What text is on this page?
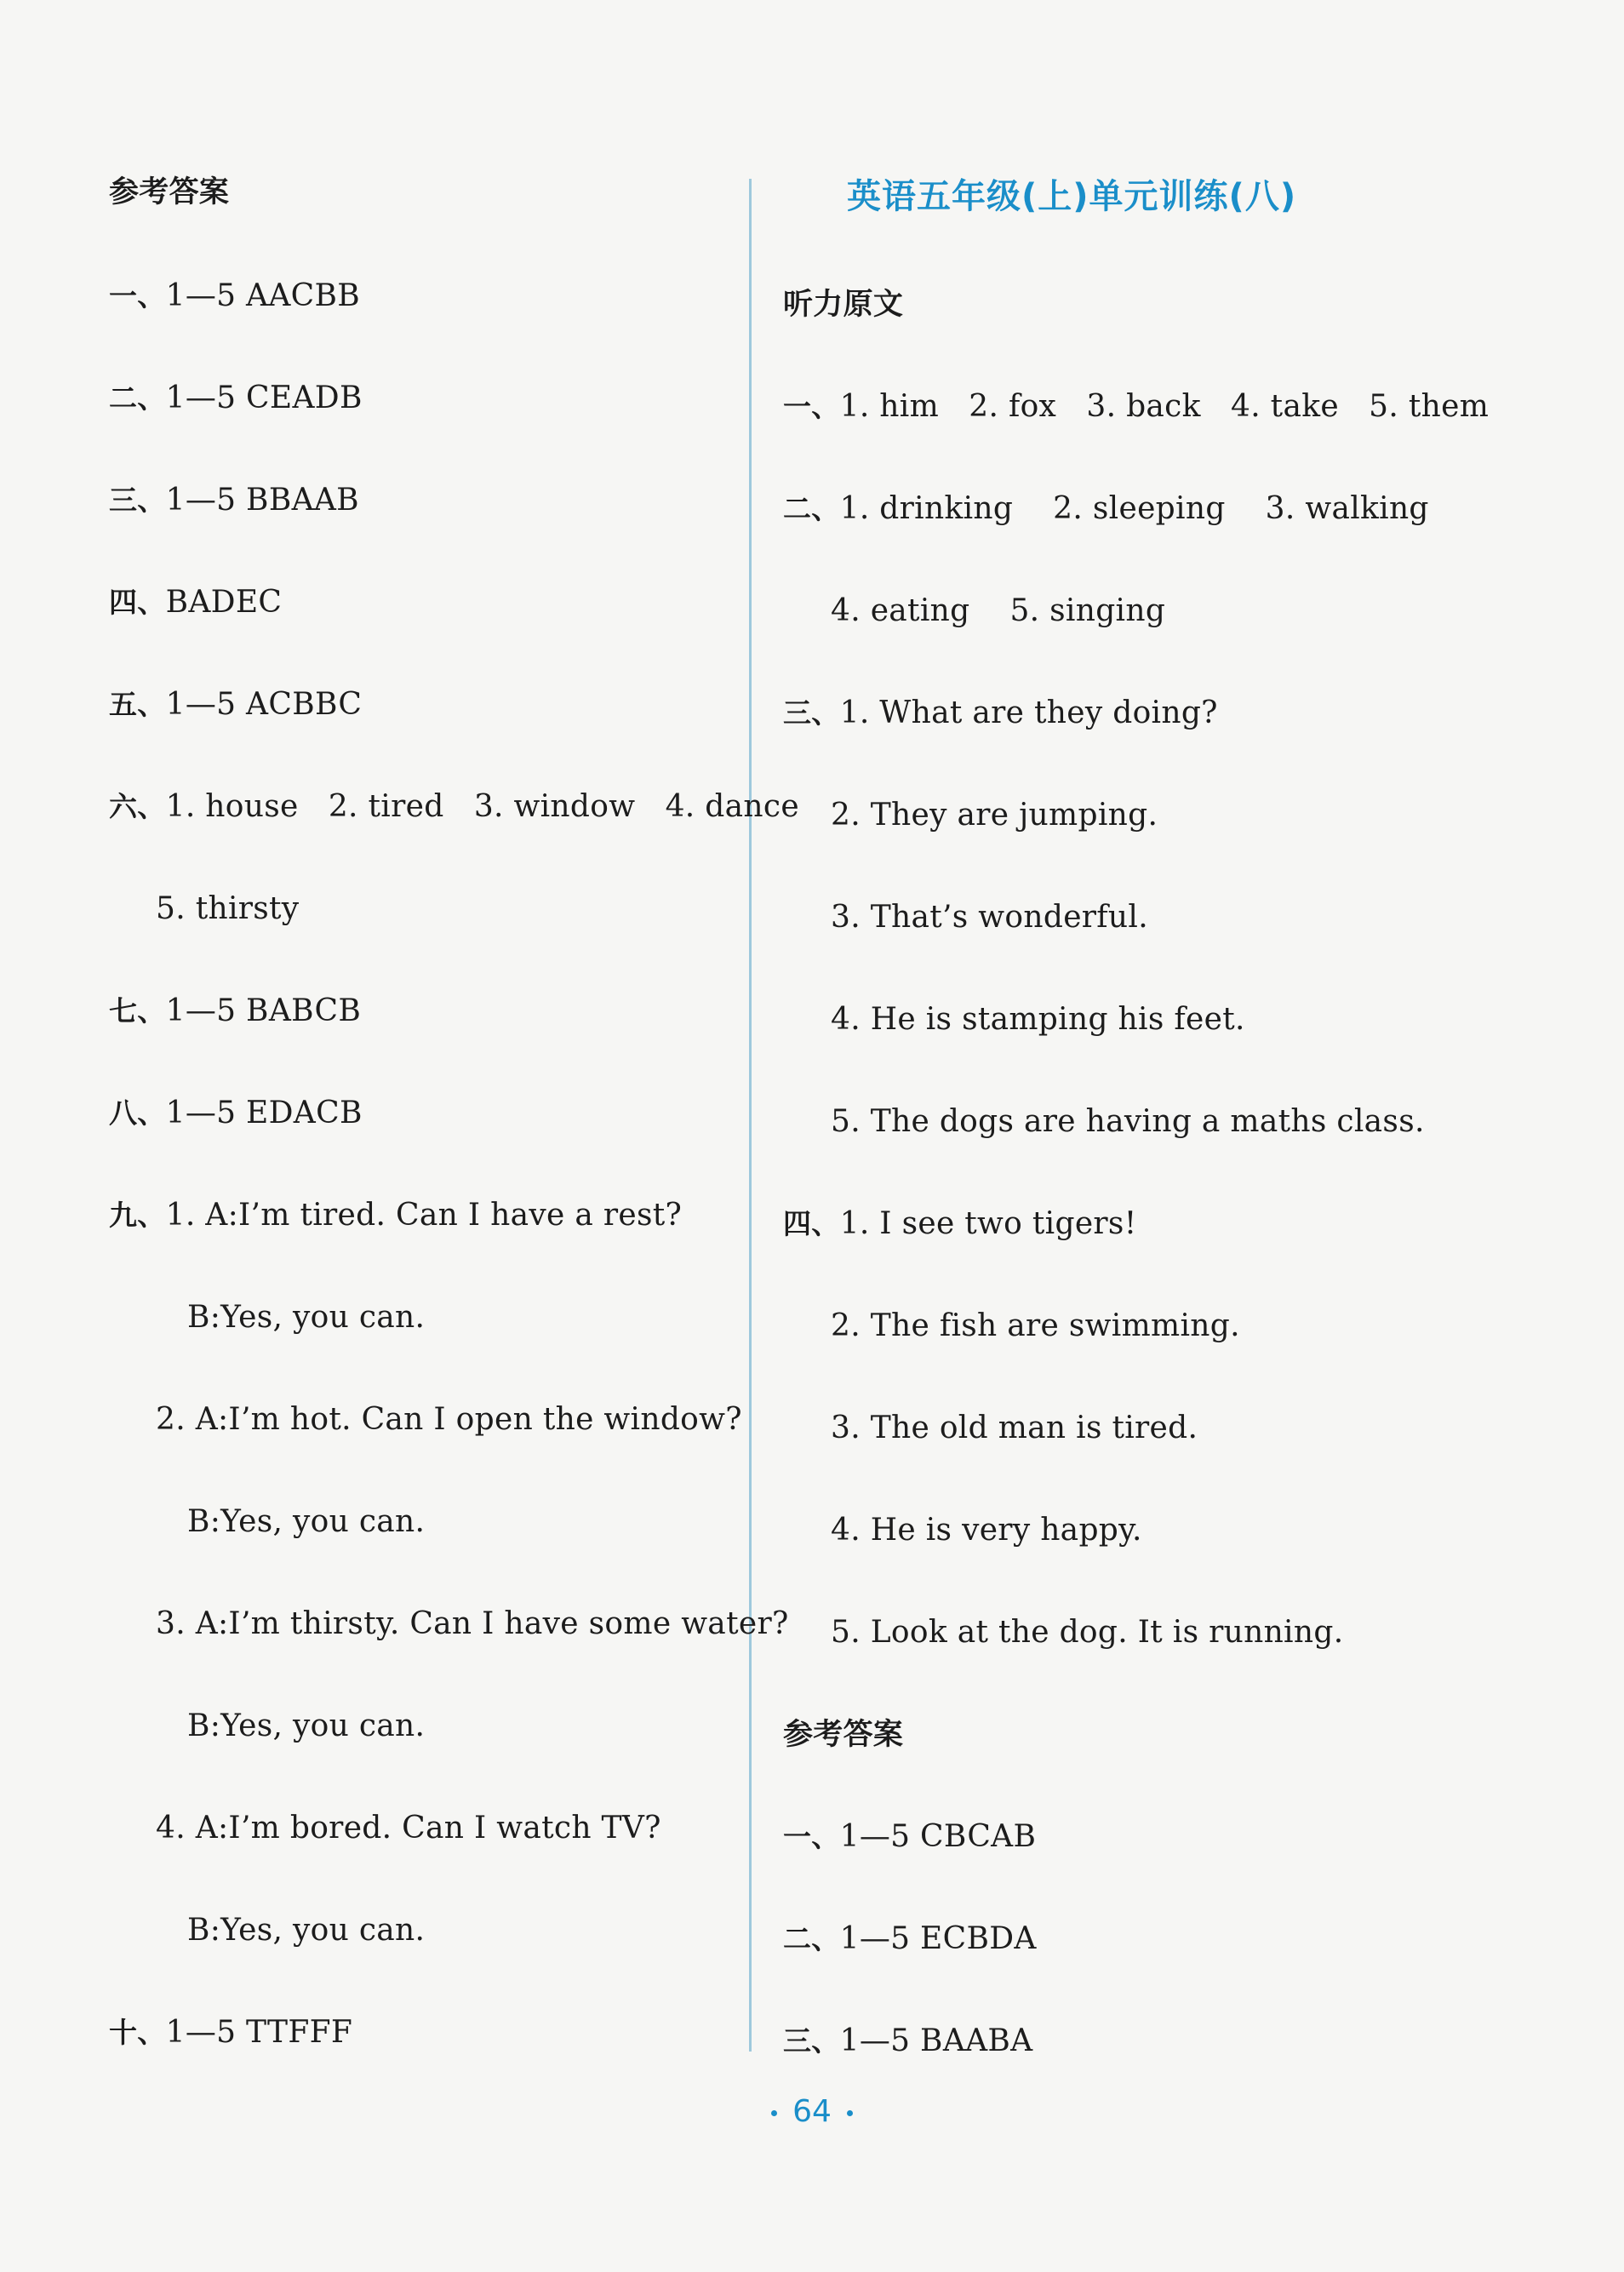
参考答案
一、1—5 AACBB
二、1—5 CEADB
三、1—5 BBAAB
四、BADEC
五、1—5 ACBBC
六、1. house   2. tired   3. window   4. dance
5. thirsty
七、1—5 BABCB
八、1—5 EDACB
九、1. A:I’m tired. Can I have a rest?
B:Yes, you can.
2. A:I’m hot. Can I open the window?
B:Yes, you can.
3. A:I’m thirsty. Can I have some water?
B:Yes, you can.
4. A:I’m bored. Can I watch TV?
B:Yes, you can.
十、1—5 TTFFF
英语五年级(上)单元训练(八)
听力原文
一、1. him   2. fox   3. back   4. take   5. them
二、1. drinking    2. sleeping    3. walking
4. eating    5. singing
三、1. What are they doing?
2. They are jumping.
3. That’s wonderful.
4. He is stamping his feet.
5. The dogs are having a maths class.
四、1. I see two tigers!
2. The fish are swimming.
3. The old man is tired.
4. He is very happy.
5. Look at the dog. It is running.
参考答案
一、1—5 CBCAB
二、1—5 ECBDA
三、1—5 BAABA
64
